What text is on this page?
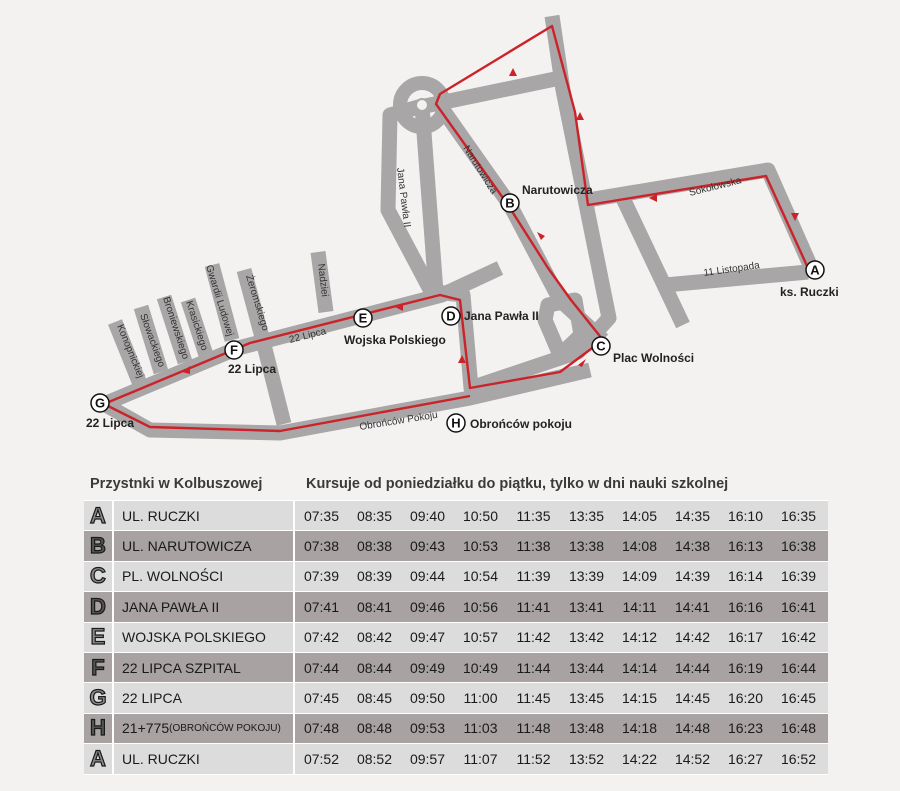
Jana Pawła II	Narutowicza	Sokołowska
11 Listopada
Nadziei
Żeromskiego
Gwardii Ludowej
Krasickiego
Broniewskiego
Słowackiego
Konopnickiej	22 Lipca
Obrońców Pokoju
A
ks. Ruczki
B
Narutowicza
C
Plac Wolności
D Jana Pawła II
E
Wojska Polskiego
F
22 Lipca
G
22 Lipca	H Obrońców pokoju
Przystnki w Kolbuszowej	Kursuje od poniedziałku do piątku, tylko w dni nauki szkolnej
A	UL. RUCZKI	07:35	08:35	09:40	10:50	11:35	13:35	14:05	14:35	16:10	16:35
B	UL. NARUTOWICZA	07:38	08:38	09:43	10:53	11:38	13:38	14:08	14:38	16:13	16:38
C	PL. WOLNOŚCI	07:39	08:39	09:44	10:54	11:39	13:39	14:09	14:39	16:14	16:39
D	JANA PAWŁA II	07:41	08:41	09:46	10:56	11:41	13:41	14:11	14:41	16:16	16:41
E	WOJSKA POLSKIEGO	07:42	08:42	09:47	10:57	11:42	13:42	14:12	14:42	16:17	16:42
F	22 LIPCA SZPITAL	07:44	08:44	09:49	10:49	11:44	13:44	14:14	14:44	16:19	16:44
G	22 LIPCA	07:45	08:45	09:50	11:00	11:45	13:45	14:15	14:45	16:20	16:45
H	21+775 (OBROŃCÓW POKOJU)	07:48	08:48	09:53	11:03	11:48	13:48	14:18	14:48	16:23	16:48
A	UL. RUCZKI	07:52	08:52	09:57	11:07	11:52	13:52	14:22	14:52	16:27	16:52
